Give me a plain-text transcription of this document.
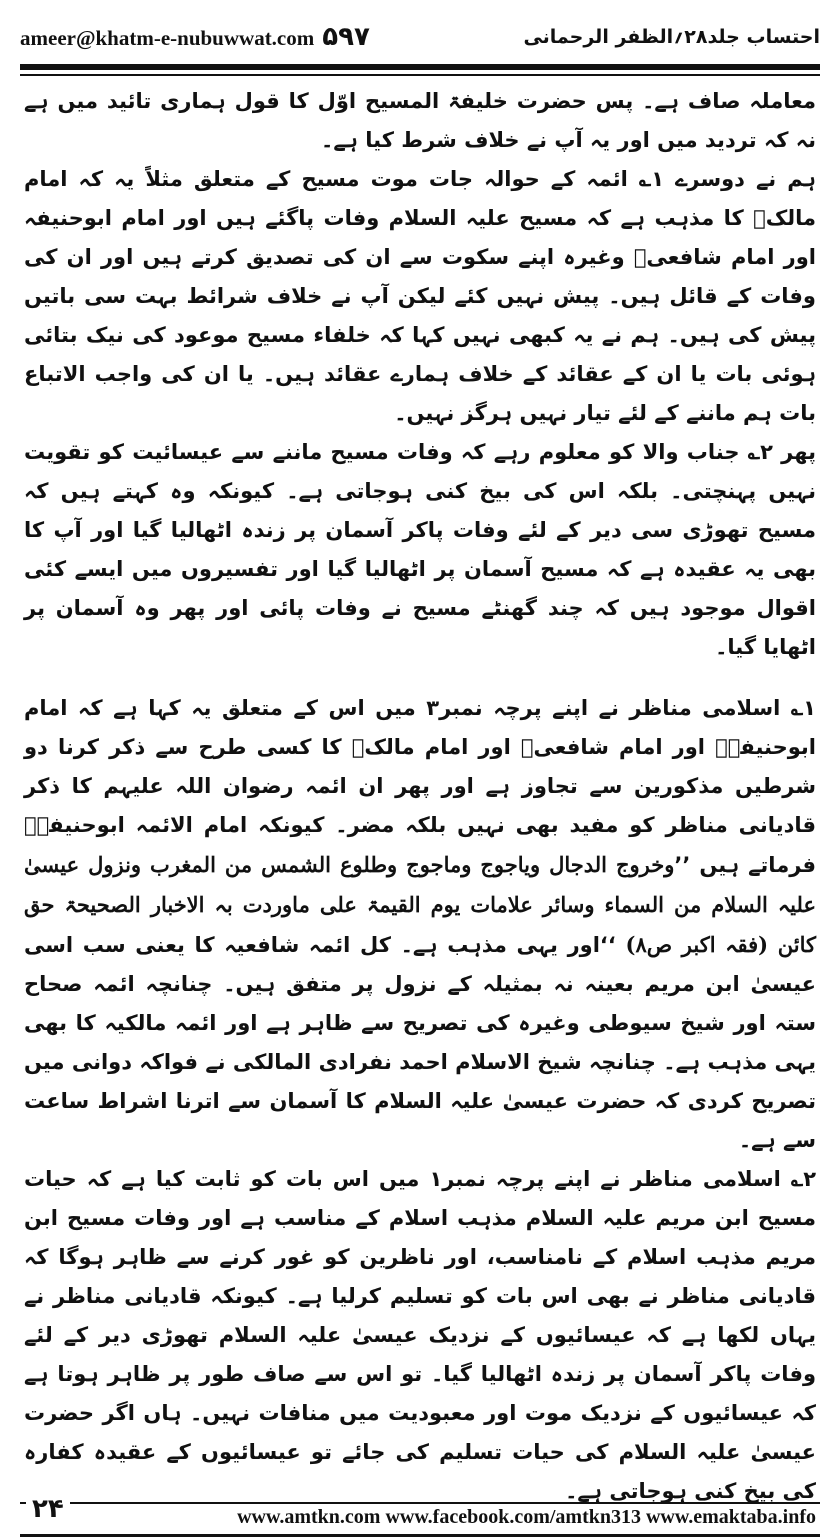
ameer@khatm-e-nubuwwat.com ۵۹۷	احتساب جلد۲۸؍الظفر الرحمانی

معاملہ صاف ہے۔ پس حضرت خلیفۃ المسیح اوّل کا قول ہماری تائید میں ہے نہ کہ تردید میں اور یہ آپ نے خلاف شرط کیا ہے۔

ہم نے دوسرے ۱؎ ائمہ کے حوالہ جات موت مسیح کے متعلق مثلاً یہ کہ امام مالکؒ کا مذہب ہے کہ مسیح علیہ السلام وفات پاگئے ہیں اور امام ابوحنیفہ اور امام شافعیؒ وغیرہ اپنے سکوت سے ان کی تصدیق کرتے ہیں اور ان کی وفات کے قائل ہیں۔ پیش نہیں کئے لیکن آپ نے خلاف شرائط بہت سی باتیں پیش کی ہیں۔ ہم نے یہ کبھی نہیں کہا کہ خلفاء مسیح موعود کی نیک بتائی ہوئی بات یا ان کے عقائد کے خلاف ہمارے عقائد ہیں۔ یا ان کی واجب الاتباع بات ہم ماننے کے لئے تیار نہیں ہرگز نہیں۔

پھر ۲؎ جناب والا کو معلوم رہے کہ وفات مسیح ماننے سے عیسائیت کو تقویت نہیں پہنچتی۔ بلکہ اس کی بیخ کنی ہوجاتی ہے۔ کیونکہ وہ کہتے ہیں کہ مسیح تھوڑی سی دیر کے لئے وفات پاکر آسمان پر زندہ اٹھالیا گیا اور آپ کا بھی یہ عقیدہ ہے کہ مسیح آسمان پر اٹھالیا گیا اور تفسیروں میں ایسے کئی اقوال موجود ہیں کہ چند گھنٹے مسیح نے وفات پائی اور پھر وہ آسمان پر اٹھایا گیا۔

۱؎ اسلامی مناظر نے اپنے پرچہ نمبر۳ میں اس کے متعلق یہ کہا ہے کہ امام ابوحنیفہؒ اور امام شافعیؒ اور امام مالکؒ کا کسی طرح سے ذکر کرنا دو شرطیں مذکورین سے تجاوز ہے اور پھر ان ائمہ رضوان اللہ علیہم کا ذکر قادیانی مناظر کو مفید بھی نہیں بلکہ مضر۔ کیونکہ امام الائمہ ابوحنیفہؒ فرماتے ہیں ’’وخروج الدجال ویاجوج وماجوج وطلوع الشمس من المغرب ونزول عیسیٰ علیہ السلام من السماء وسائر علامات یوم القیمۃ علی ماوردت بہ الاخبار الصحیحۃ حق کائن (فقہ اکبر ص۸) ‘‘اور یہی مذہب ہے۔ کل ائمہ شافعیہ کا یعنی سب اسی عیسیٰ ابن مریم بعینہ نہ بمثیلہ کے نزول پر متفق ہیں۔ چنانچہ ائمہ صحاح ستہ اور شیخ سیوطی وغیرہ کی تصریح سے ظاہر ہے اور ائمہ مالکیہ کا بھی یہی مذہب ہے۔ چنانچہ شیخ الاسلام احمد نفرادی المالکی نے فواکہ دوانی میں تصریح کردی کہ حضرت عیسیٰ علیہ السلام کا آسمان سے اترنا اشراط ساعت سے ہے۔

۲؎ اسلامی مناظر نے اپنے پرچہ نمبر۱ میں اس بات کو ثابت کیا ہے کہ حیات مسیح ابن مریم علیہ السلام مذہب اسلام کے مناسب ہے اور وفات مسیح ابن مریم مذہب اسلام کے نامناسب، اور ناظرین کو غور کرنے سے ظاہر ہوگا کہ قادیانی مناظر نے بھی اس بات کو تسلیم کرلیا ہے۔ کیونکہ قادیانی مناظر نے یہاں لکھا ہے کہ عیسائیوں کے نزدیک عیسیٰ علیہ السلام تھوڑی دیر کے لئے وفات پاکر آسمان پر زندہ اٹھالیا گیا۔ تو اس سے صاف طور پر ظاہر ہوتا ہے کہ عیسائیوں کے نزدیک موت اور معبودیت میں منافات نہیں۔ ہاں اگر حضرت عیسیٰ علیہ السلام کی حیات تسلیم کی جائے تو عیسائیوں کے عقیدہ کفارہ کی بیخ کنی ہوجاتی ہے۔

۲۴	www.amtkn.com www.facebook.com/amtkn313 www.emaktaba.info
